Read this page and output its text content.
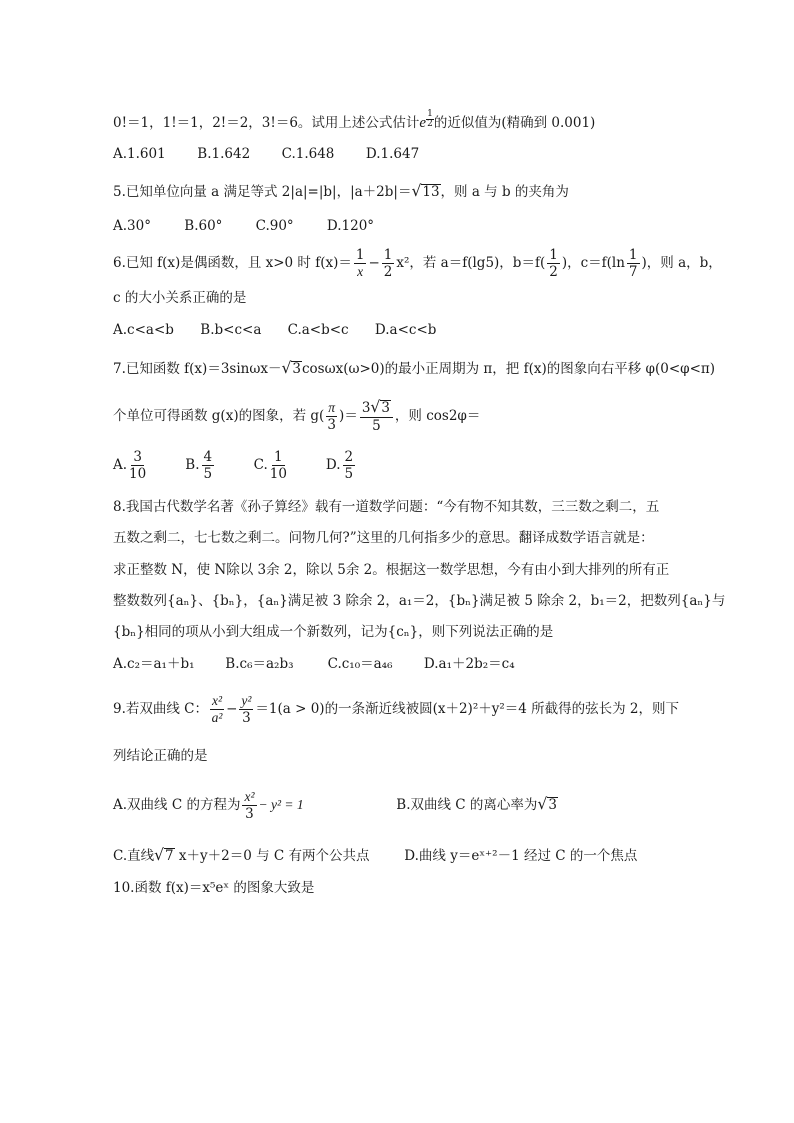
0!＝1，1!＝1，2!＝2，3!＝6。试用上述公式估计e $\frac{1}{2}$ 的近似值为(精确到 0.001)
A.1.601 B.1.642 C.1.648 D.1.647
5.已知单位向量 a 满足等式 2|a|=|b|，|a＋2b|＝ √ 13 ，则 a 与 b 的夹角为
A.30° B.60° C.90° D.120°
6.已知 f(x)是偶函数，且 x>0 时 $f(x)= \frac{1}{x} - \frac{1}{2} x^2$，若 a＝f(lg5)，$b=f( \frac{1}{2}$ )，$c=f(\ln \frac{1}{7}$ )，则 a，b，
c 的大小关系正确的是
A.c<a<b B.b<c<a C.a<b<c D.a<c<b
7.已知函数 f(x)＝3sinωx－ √ 3 cosωx(ω>0)的最小正周期为 π，把 f(x)的图象向右平移 φ(0<φ<π)
个单位可得函数 g(x)的图象，若 $g( \frac{\pi}{3}$ )＝ $\frac{3 √ 3}{5}$ ，则 cos2φ＝
A. $\frac{3}{10}$	B. $\frac{4}{5}$	C. $\frac{1}{10}$	D. $\frac{2}{5}$
8.我国古代数学名著《孙子算经》载有一道数学问题：“今有物不知其数，三三数之剩二，五
五数之剩二，七七数之剩二。问物几何?”这里的几何指多少的意思。翻译成数学语言就是：
求正整数 N，使 N除以 3余 2，除以 5余 2。根据这一数学思想，今有由小到大排列的所有正
整数数列{aₙ}、{bₙ}，{aₙ}满足被 3 除余 2，a₁＝2，{bₙ}满足被 5 除余 2，b₁＝2，把数列{aₙ}与
{bₙ}相同的项从小到大组成一个新数列，记为{cₙ}，则下列说法正确的是
A.c₂＝a₁＋b₁ B.c₆＝a₂b₃	C.c₁₀＝a₄₆ D.a₁＋2b₂＝c₄
9.若双曲线 C： $\frac{\text{x²}}{\text{a²}} - \frac{\text{y²}}{3} =1(a > 0)$的一条渐近线被圆(x＋2)²＋y²＝4 所截得的弦长为 2，则下
列结论正确的是
A.双曲线 C 的方程为 $\frac{\text{x²}}{3} - y^2 = 1$	B.双曲线 C 的离心率为 √ 3
C.直线 √ 7 x＋y＋2＝0 与 C 有两个公共点	D.曲线 y＝eˣ⁺²－1 经过 C 的一个焦点
10.函数 f(x)＝x⁵eˣ 的图象大致是
